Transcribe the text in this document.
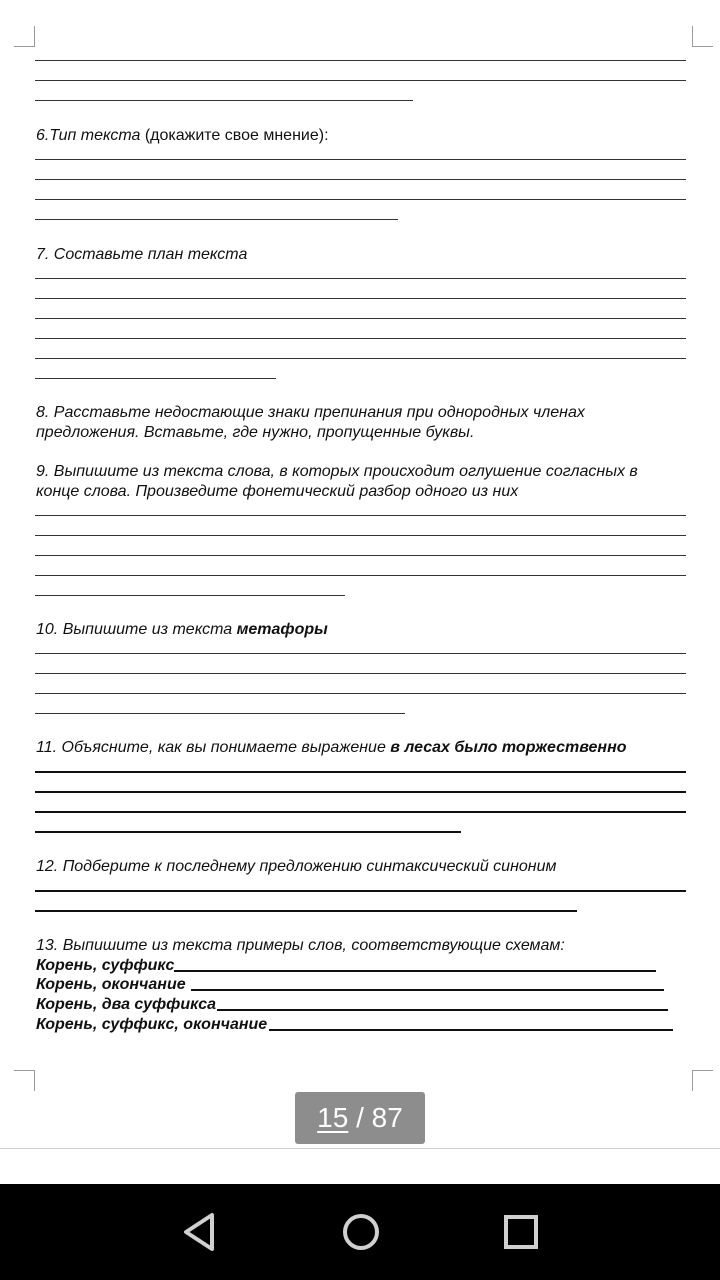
6.Тип текста (докажите свое мнение):
7. Составьте план текста
8. Расставьте недостающие знаки препинания при однородных членах
предложения. Вставьте, где нужно, пропущенные буквы.
9. Выпишите из текста слова, в которых происходит оглушение согласных в
конце слова. Произведите фонетический разбор одного из них
10. Выпишите из текста метафоры
11. Объясните, как вы понимаете выражение в лесах было торжественно
12. Подберите к последнему предложению синтаксический синоним
13. Выпишите из текста примеры слов, соответствующие схемам:
Корень, суффикс
Корень, окончание
Корень, два суффикса
Корень, суффикс, окончание
15 / 87
